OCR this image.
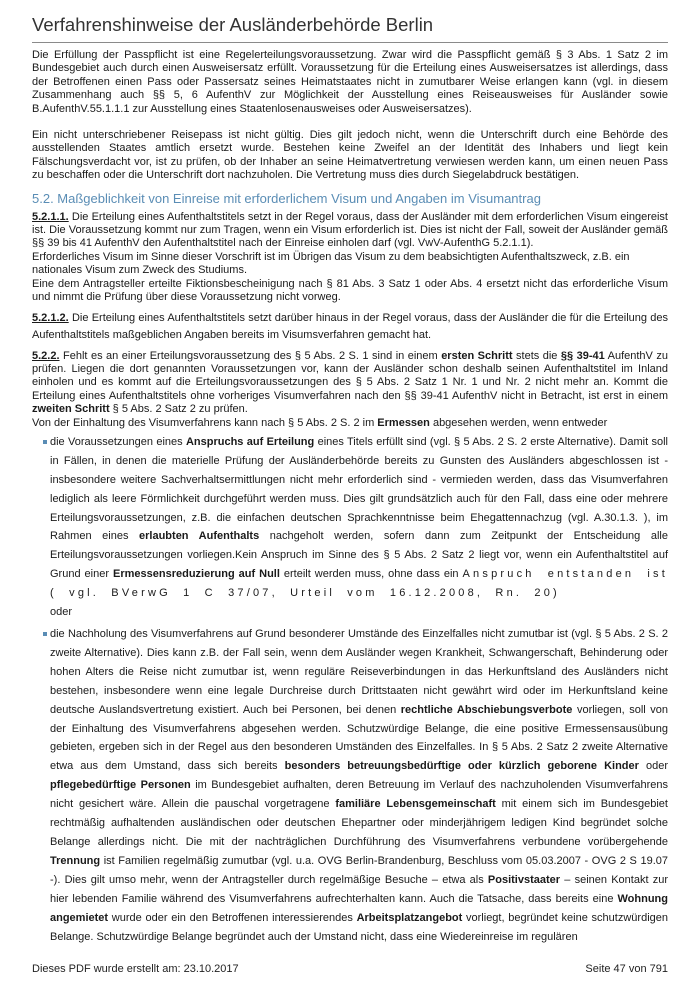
Verfahrenshinweise der Ausländerbehörde Berlin

Die Erfüllung der Passpflicht ist eine Regelerteilungsvoraussetzung. Zwar wird die Passpflicht gemäß § 3 Abs. 1 Satz 2 im Bundesgebiet auch durch einen Ausweisersatz erfüllt. Voraussetzung für die Erteilung eines Ausweisersatzes ist allerdings, dass der Betroffenen einen Pass oder Passersatz seines Heimatstaates nicht in zumutbarer Weise erlangen kann (vgl. in diesem Zusammenhang auch §§ 5, 6 AufenthV zur Möglichkeit der Ausstellung eines Reiseausweises für Ausländer sowie B.AufenthV.55.1.1.1 zur Ausstellung eines Staatenlosenausweises oder Ausweisersatzes).

Ein nicht unterschriebener Reisepass ist nicht gültig. Dies gilt jedoch nicht, wenn die Unterschrift durch eine Behörde des ausstellenden Staates amtlich ersetzt wurde. Bestehen keine Zweifel an der Identität des Inhabers und liegt kein Fälschungsverdacht vor, ist zu prüfen, ob der Inhaber an seine Heimatvertretung verwiesen werden kann, um einen neuen Pass zu beschaffen oder die Unterschrift dort nachzuholen. Die Vertretung muss dies durch Siegelabdruck bestätigen.

5.2. Maßgeblichkeit von Einreise mit erforderlichem Visum und Angaben im Visumantrag

5.2.1.1. Die Erteilung eines Aufenthaltstitels setzt in der Regel voraus, dass der Ausländer mit dem erforderlichen Visum eingereist ist. Die Voraussetzung kommt nur zum Tragen, wenn ein Visum erforderlich ist. Dies ist nicht der Fall, soweit der Ausländer gemäß §§ 39 bis 41 AufenthV den Aufenthaltstitel nach der Einreise einholen darf (vgl. VwV-AufenthG 5.2.1.1).

Erforderliches Visum im Sinne dieser Vorschrift ist im Übrigen das Visum zu dem beabsichtigten Aufenthaltszweck, z.B. ein nationales Visum zum Zweck des Studiums.

Eine dem Antragsteller erteilte Fiktionsbescheinigung nach § 81 Abs. 3 Satz 1 oder Abs. 4 ersetzt nicht das erforderliche Visum und nimmt die Prüfung über diese Voraussetzung nicht vorweg.

5.2.1.2. Die Erteilung eines Aufenthaltstitels setzt darüber hinaus in der Regel voraus, dass der Ausländer die für die Erteilung des Aufenthaltstitels maßgeblichen Angaben bereits im Visumsverfahren gemacht hat.

5.2.2. Fehlt es an einer Erteilungsvoraussetzung des § 5 Abs. 2 S. 1 sind in einem ersten Schritt stets die §§ 39-41 AufenthV zu prüfen. Liegen die dort genannten Voraussetzungen vor, kann der Ausländer schon deshalb seinen Aufenthaltstitel im Inland einholen und es kommt auf die Erteilungsvoraussetzungen des § 5 Abs. 2 Satz 1 Nr. 1 und Nr. 2 nicht mehr an. Kommt die Erteilung eines Aufenthaltstitels ohne vorheriges Visumverfahren nach den §§ 39-41 AufenthV nicht in Betracht, ist erst in einem zweiten Schritt § 5 Abs. 2 Satz 2 zu prüfen.

Von der Einhaltung des Visumverfahrens kann nach § 5 Abs. 2 S. 2 im Ermessen abgesehen werden, wenn entweder

die Voraussetzungen eines Anspruchs auf Erteilung eines Titels erfüllt sind (vgl. § 5 Abs. 2 S. 2 erste Alternative). Damit soll in Fällen, in denen die materielle Prüfung der Ausländerbehörde bereits zu Gunsten des Ausländers abgeschlossen ist - insbesondere weitere Sachverhaltsermittlungen nicht mehr erforderlich sind - vermieden werden, dass das Visumverfahren lediglich als leere Förmlichkeit durchgeführt werden muss. Dies gilt grundsätzlich auch für den Fall, dass eine oder mehrere Erteilungsvoraussetzungen, z.B. die einfachen deutschen Sprachkenntnisse beim Ehegattennachzug (vgl. A.30.1.3. ), im Rahmen eines erlaubten Aufenthalts nachgeholt werden, sofern dann zum Zeitpunkt der Entscheidung alle Erteilungsvoraussetzungen vorliegen.Kein Anspruch im Sinne des § 5 Abs. 2 Satz 2 liegt vor, wenn ein Aufenthaltstitel auf Grund einer Ermessensreduzierung auf Null erteilt werden muss, ohne dass ein Anspruch entstanden ist ( vgl. BVerwG 1 C 37/07, Urteil vom 16.12.2008, Rn. 20)
oder
die Nachholung des Visumverfahrens auf Grund besonderer Umstände des Einzelfalles nicht zumutbar ist (vgl. § 5 Abs. 2 S. 2 zweite Alternative). Dies kann z.B. der Fall sein, wenn dem Ausländer wegen Krankheit, Schwangerschaft, Behinderung oder hohen Alters die Reise nicht zumutbar ist, wenn reguläre Reiseverbindungen in das Herkunftsland des Ausländers nicht bestehen, insbesondere wenn eine legale Durchreise durch Drittstaaten nicht gewährt wird oder im Herkunftsland keine deutsche Auslandsvertretung existiert. Auch bei Personen, bei denen rechtliche Abschiebungsverbote vorliegen, soll von der Einhaltung des Visumverfahrens abgesehen werden. Schutzwürdige Belange, die eine positive Ermessensausübung gebieten, ergeben sich in der Regel aus den besonderen Umständen des Einzelfalles. In § 5 Abs. 2 Satz 2 zweite Alternative etwa aus dem Umstand, dass sich bereits besonders betreuungsbedürftige oder kürzlich geborene Kinder oder pflegebedürftige Personen im Bundesgebiet aufhalten, deren Betreuung im Verlauf des nachzuholenden Visumverfahrens nicht gesichert wäre. Allein die pauschal vorgetragene familiäre Lebensgemeinschaft mit einem sich im Bundesgebiet rechtmäßig aufhaltenden ausländischen oder deutschen Ehepartner oder minderjährigem ledigen Kind begründet solche Belange allerdings nicht. Die mit der nachträglichen Durchführung des Visumverfahrens verbundene vorübergehende Trennung ist Familien regelmäßig zumutbar (vgl. u.a. OVG Berlin-Brandenburg, Beschluss vom 05.03.2007 - OVG 2 S 19.07 -). Dies gilt umso mehr, wenn der Antragsteller durch regelmäßige Besuche – etwa als Positivstaater – seinen Kontakt zur hier lebenden Familie während des Visumverfahrens aufrechterhalten kann. Auch die Tatsache, dass bereits eine Wohnung angemietet wurde oder ein den Betroffenen interessierendes Arbeitsplatzangebot vorliegt, begründet keine schutzwürdigen Belange. Schutzwürdige Belange begründet auch der Umstand nicht, dass eine Wiedereinreise im regulären
Dieses PDF wurde erstellt am: 23.10.2017	Seite 47 von 791
